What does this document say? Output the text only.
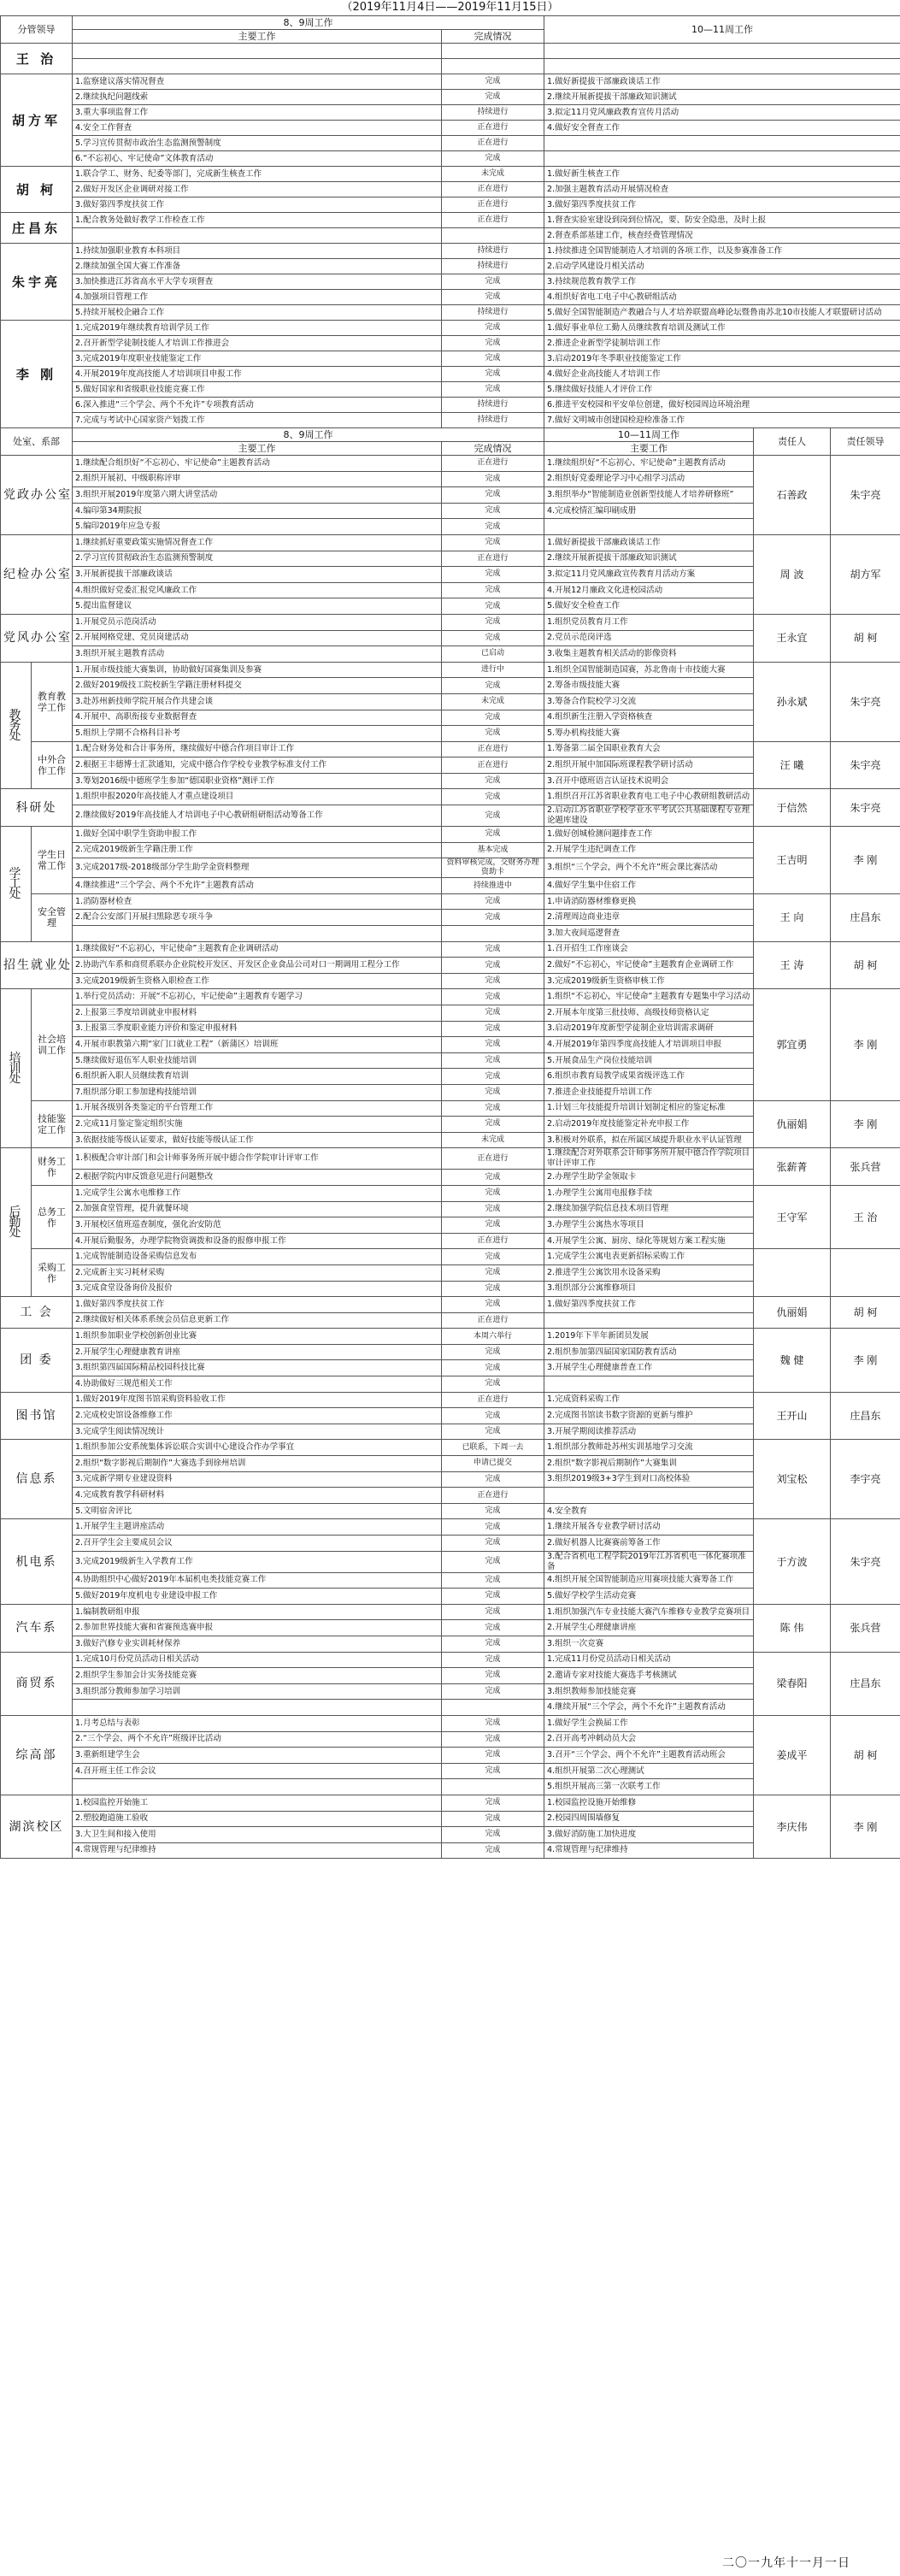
（2019年11月4日——2019年11月15日）
分管领导	8、9周工作		10—11周工作
	主要工作	完成情况	
王 治			

胡方军	1.监察建议落实情况督查	完成	1.做好新提拔干部廉政谈话工作
	2.继续执纪问题线索	完成	2.继续开展新提拔干部廉政知识测试
	3.重大事项监督工作	持续进行	3.拟定11月党风廉政教育宣传月活动
	4.安全工作督查	正在进行	4.做好安全督查工作
	5.学习宣传贯彻市政治生态监测预警制度	正在进行	
	6.“不忘初心、牢记使命”文体教育活动	完成	
胡 柯	1.联合学工、财务、纪委等部门，完成新生核查工作	未完成	1.做好新生核查工作
	2.做好开发区企业调研对接工作	正在进行	2.加强主题教育活动开展情况检查
	3.做好第四季度扶贫工作	正在进行	3.做好第四季度扶贫工作
庄昌东	1.配合教务处做好教学工作检查工作	正在进行	1.督查实验室建设到岗到位情况，要、防安全隐患，及时上报
			2.督查系部基建工作，核查经费管理情况
朱宇亮	1.持续加强职业教育本科项目	持续进行	1.持续推进全国智能制造人才培训的各项工作，以及参赛准备工作
	2.继续加强全国大赛工作准备	持续进行	2.启动学风建设月相关活动
	3.加快推进江苏省高水平大学专项督查	完成	3.持续规范教育教学工作
	4.加强项目管理工作	完成	4.组织好省电工电子中心教研组活动
	5.持续开展校企融合工作	持续进行	5.做好全国智能制造产教融合与人才培养联盟高峰论坛暨鲁南苏北10市技能人才联盟研讨活动
李 刚	1.完成2019年继续教育培训学员工作	完成	1.做好事业单位工勤人员继续教育培训及测试工作
	2.召开新型学徒制技能人才培训工作推进会	完成	2.推进企业新型学徒制培训工作
	3.完成2019年度职业技能鉴定工作	完成	3.启动2019年冬季职业技能鉴定工作
	4.开展2019年度高技能人才培训项目申报工作	完成	4.做好企业高技能人才培训工作
	5.做好国家和省级职业技能竞赛工作	完成	5.继续做好技能人才评价工作
	6.深入推进“三个学会、两个不允许”专项教育活动	持续进行	6.推进平安校园和平安单位创建，做好校园周边环境治理
	7.完成与考试中心国家资产划拨工作	持续进行	7.做好文明城市创建国检迎检准备工作
处室、系部		8、9周工作		10—11周工作	责任人	责任领导
		主要工作	完成情况	主要工作		
党政办公室		1.继续配合组织好“不忘初心、牢记使命”主题教育活动	正在进行	1.继续组织好“不忘初心、牢记使命”主题教育活动	石善政	朱宇亮
		2.组织开展初、中级职称评审	完成	2.组织好党委理论学习中心组学习活动		
		3.组织开展2019年度第六期大讲堂活动	完成	3.组织举办“智能制造业创新型技能人才培养研修班”		
		4.编印第34期院报	完成	4.完成校情汇编印刷成册		
		5.编印2019年应急专报	完成			
纪检办公室		1.继续抓好重要政策实施情况督查工作	完成	1.做好新提拔干部廉政谈话工作	周 波	胡方军
		2.学习宣传贯彻政治生态监测预警制度	正在进行	2.继续开展新提拔干部廉政知识测试		
		3.开展新提拔干部廉政谈话	完成	3.拟定11月党风廉政宣传教育月活动方案		
		4.组织做好党委汇报党风廉政工作	完成	4.开展12月廉政文化进校园活动		
		5.提出监督建议	完成	5.做好安全检查工作		
党风办公室		1.开展党员示范岗活动	完成	1.组织党员教育月工作	王永宜	胡 柯
		2.开展网格党建、党员岗建活动	完成	2.党员示范岗评选		
		3.组织开展主题教育活动	已启动	3.收集主题教育相关活动的影像资料		
教务处	教育教学工作	1.开展市级技能大赛集训，协助做好国赛集训及参赛	进行中	1.组织全国智能制造国赛，苏北鲁南十市技能大赛	孙永斌	朱宇亮
		2.做好2019级技工院校新生学籍注册材料提交	完成	2.筹备市级技能大赛		
		3.赴苏州新技师学院开展合作共建会谈	未完成	3.筹备合作院校学习交流		
		4.开展中、高职衔接专业数据督查	完成	4.组织新生注册入学资格核查		
		5.组织上学期不合格科目补考	完成	5.筹办机构技能大赛		
	中外合作工作	1.配合财务处和合计事务所，继续做好中德合作项目审计工作	正在进行	1.筹备第二届全国职业教育大会	汪 曦	朱宇亮
		2.根据王丰德博士汇款通知，完成中德合作学校专业教学标准支付工作	正在进行	2.组织开展中加国际班课程教学研讨活动		
		3.筹划2016级中德班学生参加“德国职业资格”测评工作	完成	3.召开中德班语言认证技术说明会		
科研处		1.组织申报2020年高技能人才重点建设项目	完成	1.组织召开江苏省职业教育电工电子中心教研组教研活动	于信然	朱宇亮
		2.继续做好2019年高技能人才培训电子中心教研组研组活动筹备工作	完成	2.启动江苏省职业学校学业水平考试公共基础课程专业理论题库建设		
学工处	学生日常工作	1.做好全国中职学生资助申报工作	完成	1.做好创城检测问题排查工作	王吉明	李 刚
		2.完成2019级新生学籍注册工作	基本完成	2.开展学生违纪调查工作		
		3.完成2017级-2018级部分学生助学金资料整理	资料审核完成，交财务办理资助卡	3.组织“三个学会，两个不允许”班会课比赛活动		
		4.继续推进“三个学会、两个不允许”主题教育活动	持续推进中	4.做好学生集中住宿工作		
	安全管理	1.消防器材检查	完成	1.申请消防器材维修更换	王 向	庄昌东
		2.配合公安部门开展扫黑除恶专项斗争	完成	2.清理周边商业违章		
				3.加大夜间巡逻督查		
招生就业处		1.继续做好“不忘初心，牢记使命”主题教育企业调研活动	完成	1.召开招生工作座谈会	王 涛	胡 柯
		2.协助汽车系和商贸系联办企业院校开发区、开发区企业食品公司对口一期调用工程分工作	完成	2.做好“不忘初心，牢记使命”主题教育企业调研工作		
		3.完成2019级新生资格入职检查工作	完成	3.完成2019级新生资格审核工作		
培训处	社会培训工作	1.举行党员活动：开展“不忘初心，牢记使命”主题教育专题学习	完成	1.组织“不忘初心，牢记使命”主题教育专题集中学习活动	郭宜勇	李 刚
		2.上报第三季度培训就业申报材料	完成	2.开展本年度第三批技师、高级技师资格认定		
		3.上报第三季度职业能力评价和鉴定申报材料	完成	3.启动2019年度新型学徒制企业培训需求调研		
		4.开展市职教第六期“家门口就业工程”（新蒲区）培训班	完成	4.开展2019年第四季度高技能人才培训项目申报		
		5.继续做好退伍军人职业技能培训	完成	5.开展食品生产岗位技能培训		
		6.组织新入职人员继续教育培训	完成	6.组织市教育局教学成果省级评选工作		
		7.组织部分职工参加建构技能培训	完成	7.推进企业技能提升培训工作		
	技能鉴定工作	1.开展各级别各类鉴定的平台管理工作	完成	1.计划三年技能提升培训计划制定相应的鉴定标准	仇丽娟	李 刚
		2.完成11月鉴定鉴定组织实施	完成	2.启动2019年度技能鉴定补充申报工作		
		3.依据技能等级认证要求，做好技能等级认证工作	未完成	3.积极对外联系，拟在所属区域提升职业水平认证管理		
后勤处	财务工作	1.积极配合审计部门和会计师事务所开展中德合作学院审计评审工作	正在进行	1.继续配合对外联系会计师事务所开展中德合作学院项目审计评审工作	张薪菁	张兵营
		2.根据学院内审反馈意见进行问题整改	完成	2.办理学生助学金领取卡		
	总务工作	1.完成学生公寓水电维修工作	完成	1.办理学生公寓用电报修手续	王守军	王 治
		2.加强食堂管理，提升就餐环境	完成	2.继续加强学院信息技术项目管理		
		3.开展校区值班巡查制度，强化治安防范	完成	3.办理学生公寓热水等项目		
		4.开展后勤服务，办理学院物资调拨和设备的报修申报工作	正在进行	4.开展学生公寓、厨房、绿化等规划方案工程实施		
	采购工作	1.完成智能制造设备采购信息发布	完成	1.完成学生公寓电表更新招标采购工作		
		2.完成新主实习耗材采购	完成	2.推进学生公寓饮用水设备采购		
		3.完成食堂设备询价及报价	完成	3.组织部分公寓维修项目		
工 会		1.做好第四季度扶贫工作	完成	1.做好第四季度扶贫工作	仇丽娟	胡 柯
		2.继续做好相关体系系统会员信息更新工作	正在进行			
团 委		1.组织参加职业学校创新创业比赛	本周六举行	1.2019年下半年新团员发展	魏 健	李 刚
		2.开展学生心理健康教育讲座	完成	2.组织参加第四届国家国防教育活动		
		3.组织第四届国际精品校园科技比赛	完成	3.开展学生心理健康普查工作		
		4.协助做好三规范相关工作	完成			
图书馆		1.做好2019年度图书馆采购资料验收工作	正在进行	1.完成资料采购工作	王开山	庄昌东
		2.完成校史馆设备维修工作	完成	2.完成图书馆读书数字资源的更新与维护		
		3.完成学生阅读情况统计	完成	3.开展学期阅读推荐活动		
信息系		1.组织参加公安系统集体诉讼联合实训中心建设合作办学事宜	已联系，下周一去	1.组织部分教师赴苏州实训基地学习交流	刘宝松	李宇亮
		2.组织“数字影视后期制作”大赛选手到徐州培训	申请已提交	2.组织“数字影视后期制作”大赛集训		
		3.完成新学期专业建设资料	完成	3.组织2019级3+3学生到对口高校体验		
		4.完成教育教学科研材料	正在进行			
		5.文明宿舍评比	完成	4.安全教育		
机电系		1.开展学生主题讲座活动	完成	1.继续开展各专业教学研讨活动	于方波	朱宇亮
		2.召开学生会主要成员会议	完成	2.做好机器人比赛赛前筹备工作		
		3.完成2019级新生入学教育工作	完成	3.配合省机电工程学院2019年江苏省机电一体化赛项准备		
		4.协助组织中心做好2019年本届机电类技能竞赛工作	完成	4.组织开展全国智能制造应用赛项技能大赛筹备工作		
		5.做好2019年度机电专业建设申报工作	完成	5.做好学校学生活动竞赛		
汽车系		1.编制教研组申报	完成	1.组织加强汽车专业技能大赛汽车维修专业教学竞赛项目	陈 伟	张兵营
		2.参加世界技能大赛和省赛预选赛申报	完成	2.开展学生心理健康讲座		
		3.做好汽修专业实训耗材保养	完成	3.组织一次竞赛		
商贸系		1.完成10月份党员活动日相关活动	完成	1.完成11月份党员活动日相关活动	梁春阳	庄昌东
		2.组织学生参加会计实务技能竞赛	完成	2.邀请专家对技能大赛选手考核测试		
		3.组织部分教师参加学习培训	完成	3.组织教师参加技能竞赛		
				4.继续开展“三个学会，两个不允许”主题教育活动		
综高部		1.月考总结与表彰	完成	1.做好学生会换届工作	姜成平	胡 柯
		2.“三个学会、两个不允许”班级评比活动	完成	2.召开高考冲刺动员大会		
		3.重新组建学生会	完成	3.召开“三个学会、两个不允许”主题教育活动班会		
		4.召开班主任工作会议	完成	4.组织开展第二次心理测试		
				5.组织开展高三第一次联考工作		
湖滨校区		1.校园监控开始施工	完成	1.校园监控设施开始维修	李庆伟	李 刚
		2.塑胶跑道施工验收	完成	2.校园四周围墙修复		
		3.大卫生间和接入使用	完成	3.做好消防施工加快进度		
		4.常规管理与纪律维持	完成	4.常规管理与纪律维持		
二〇一九年十一月一日
